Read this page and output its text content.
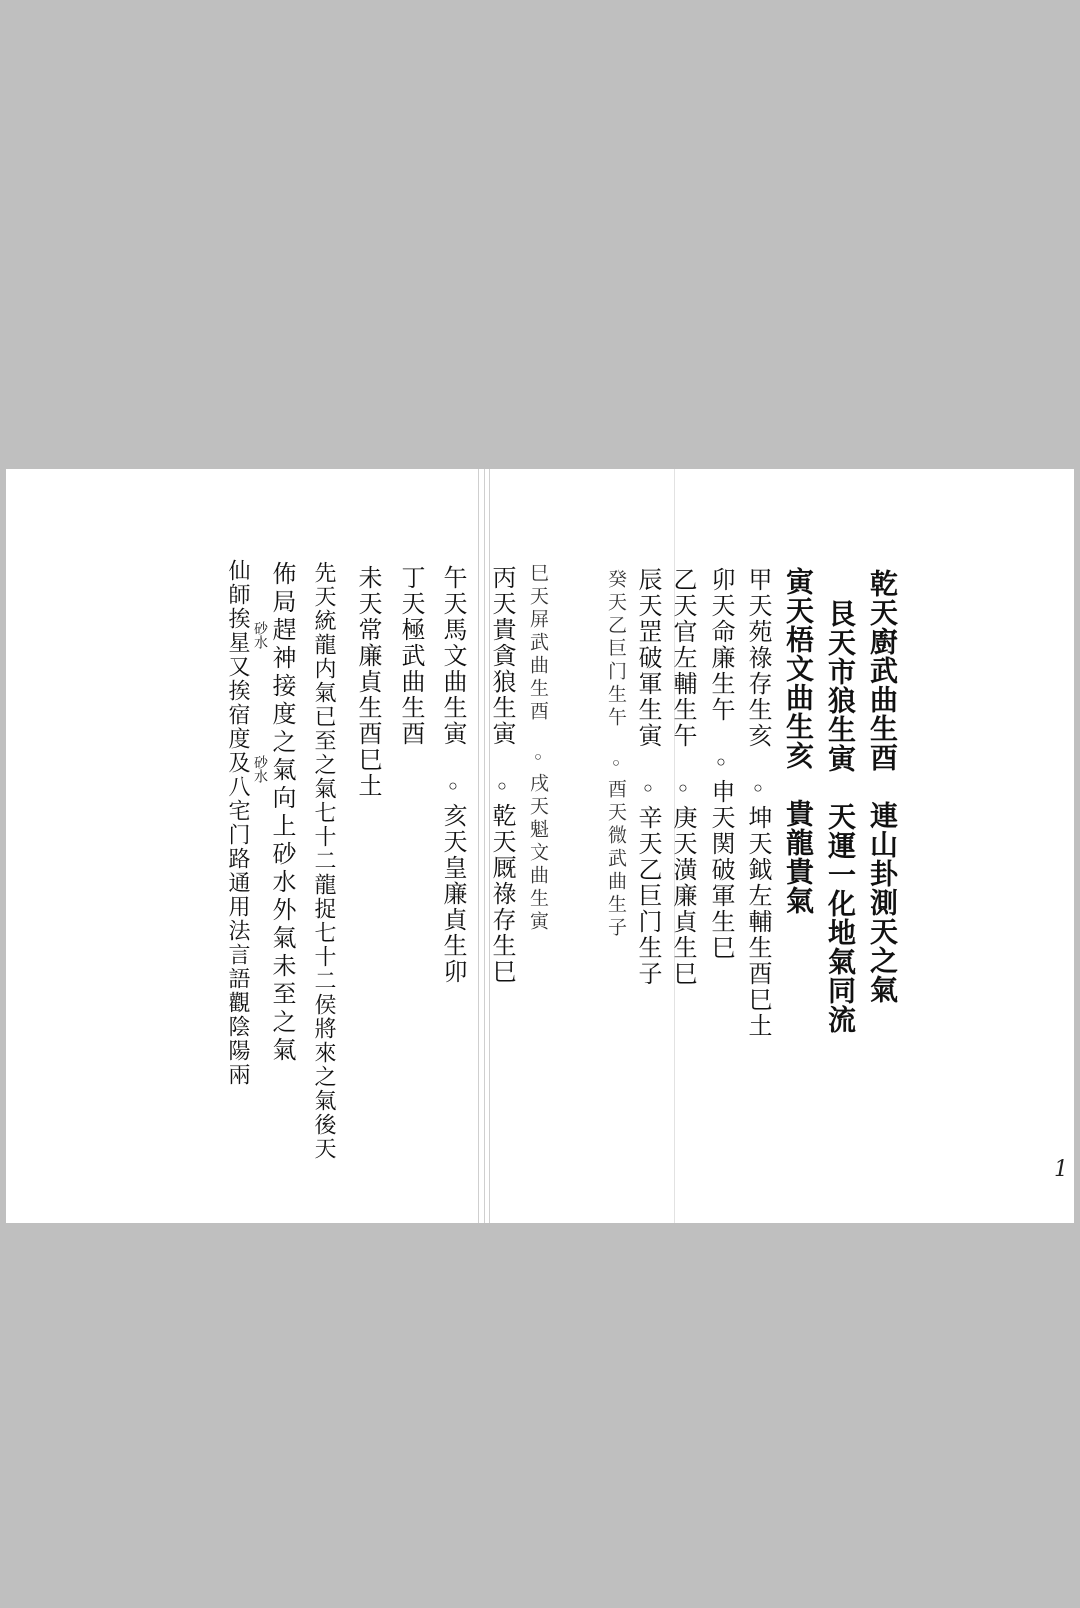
乾天廚武曲生酉　連山卦測天之氣
艮天市狼生寅　天運一化地氣同流
寅天梧文曲生亥　貴龍貴氣
甲天苑祿存生亥　◦坤天鉞左輔生酉巳土
卯天命廉生午　◦申天関破軍生巳
乙天官左輔生午　◦庚天潢廉貞生巳
辰天罡破軍生寅　◦辛天乙巨门生子
癸天乙巨门生午　◦酉天微武曲生子
巳天屏武曲生酉　◦戌天魁文曲生寅
丙天貴貪狼生寅　◦乾天厩祿存生巳
午天馬文曲生寅　◦亥天皇廉貞生卯
丁天極武曲生酉
未天常廉貞生酉巳土
先天統龍内氣已至之氣七十二龍捉七十二侯將來之氣後天
佈局趕神接度之氣向上砂水外氣未至之氣
仙師挨星又挨宿度及八宅门路通用法言語觀陰陽兩 砂水
砂水
1
